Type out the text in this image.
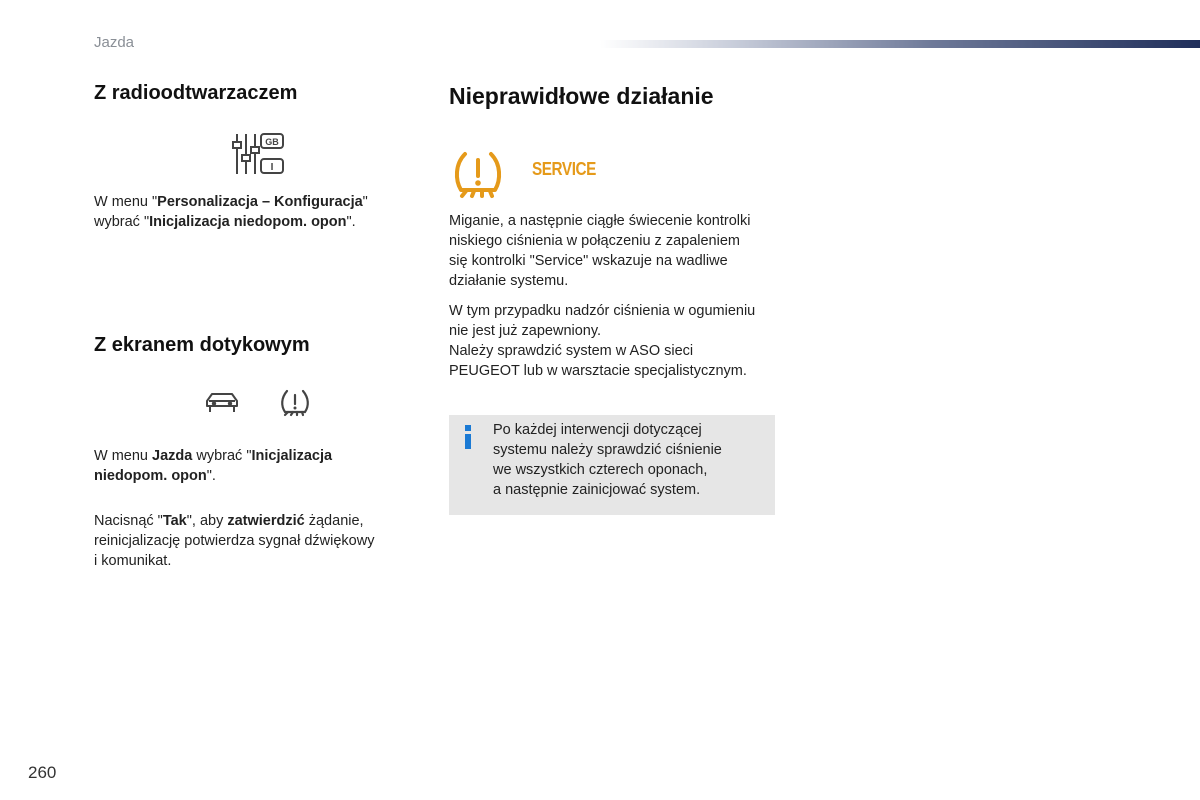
Jazda
Z radioodtwarzaczem
GB
I

W menu "Personalizacja – Konfiguracja"

wybrać "Inicjalizacja niedopom. opon".

Z ekranem dotykowym

W menu Jazda wybrać "Inicjalizacja

niedopom. opon".

Nacisnąć "Tak", aby zatwierdzić żądanie,

reinicjalizację potwierdza sygnał dźwiękowy

i komunikat.

Nieprawidłowe działanie
SERVICE

Miganie, a następnie ciągłe świecenie kontrolki

niskiego ciśnienia w połączeniu z zapaleniem

się kontrolki "Service" wskazuje na wadliwe

działanie systemu.

W tym przypadku nadzór ciśnienia w ogumieniu

nie jest już zapewniony.

Należy sprawdzić system w ASO sieci

PEUGEOT lub w warsztacie specjalistycznym.

Po każdej interwencji dotyczącej

systemu należy sprawdzić ciśnienie

we wszystkich czterech oponach,

a następnie zainicjować system.

260
